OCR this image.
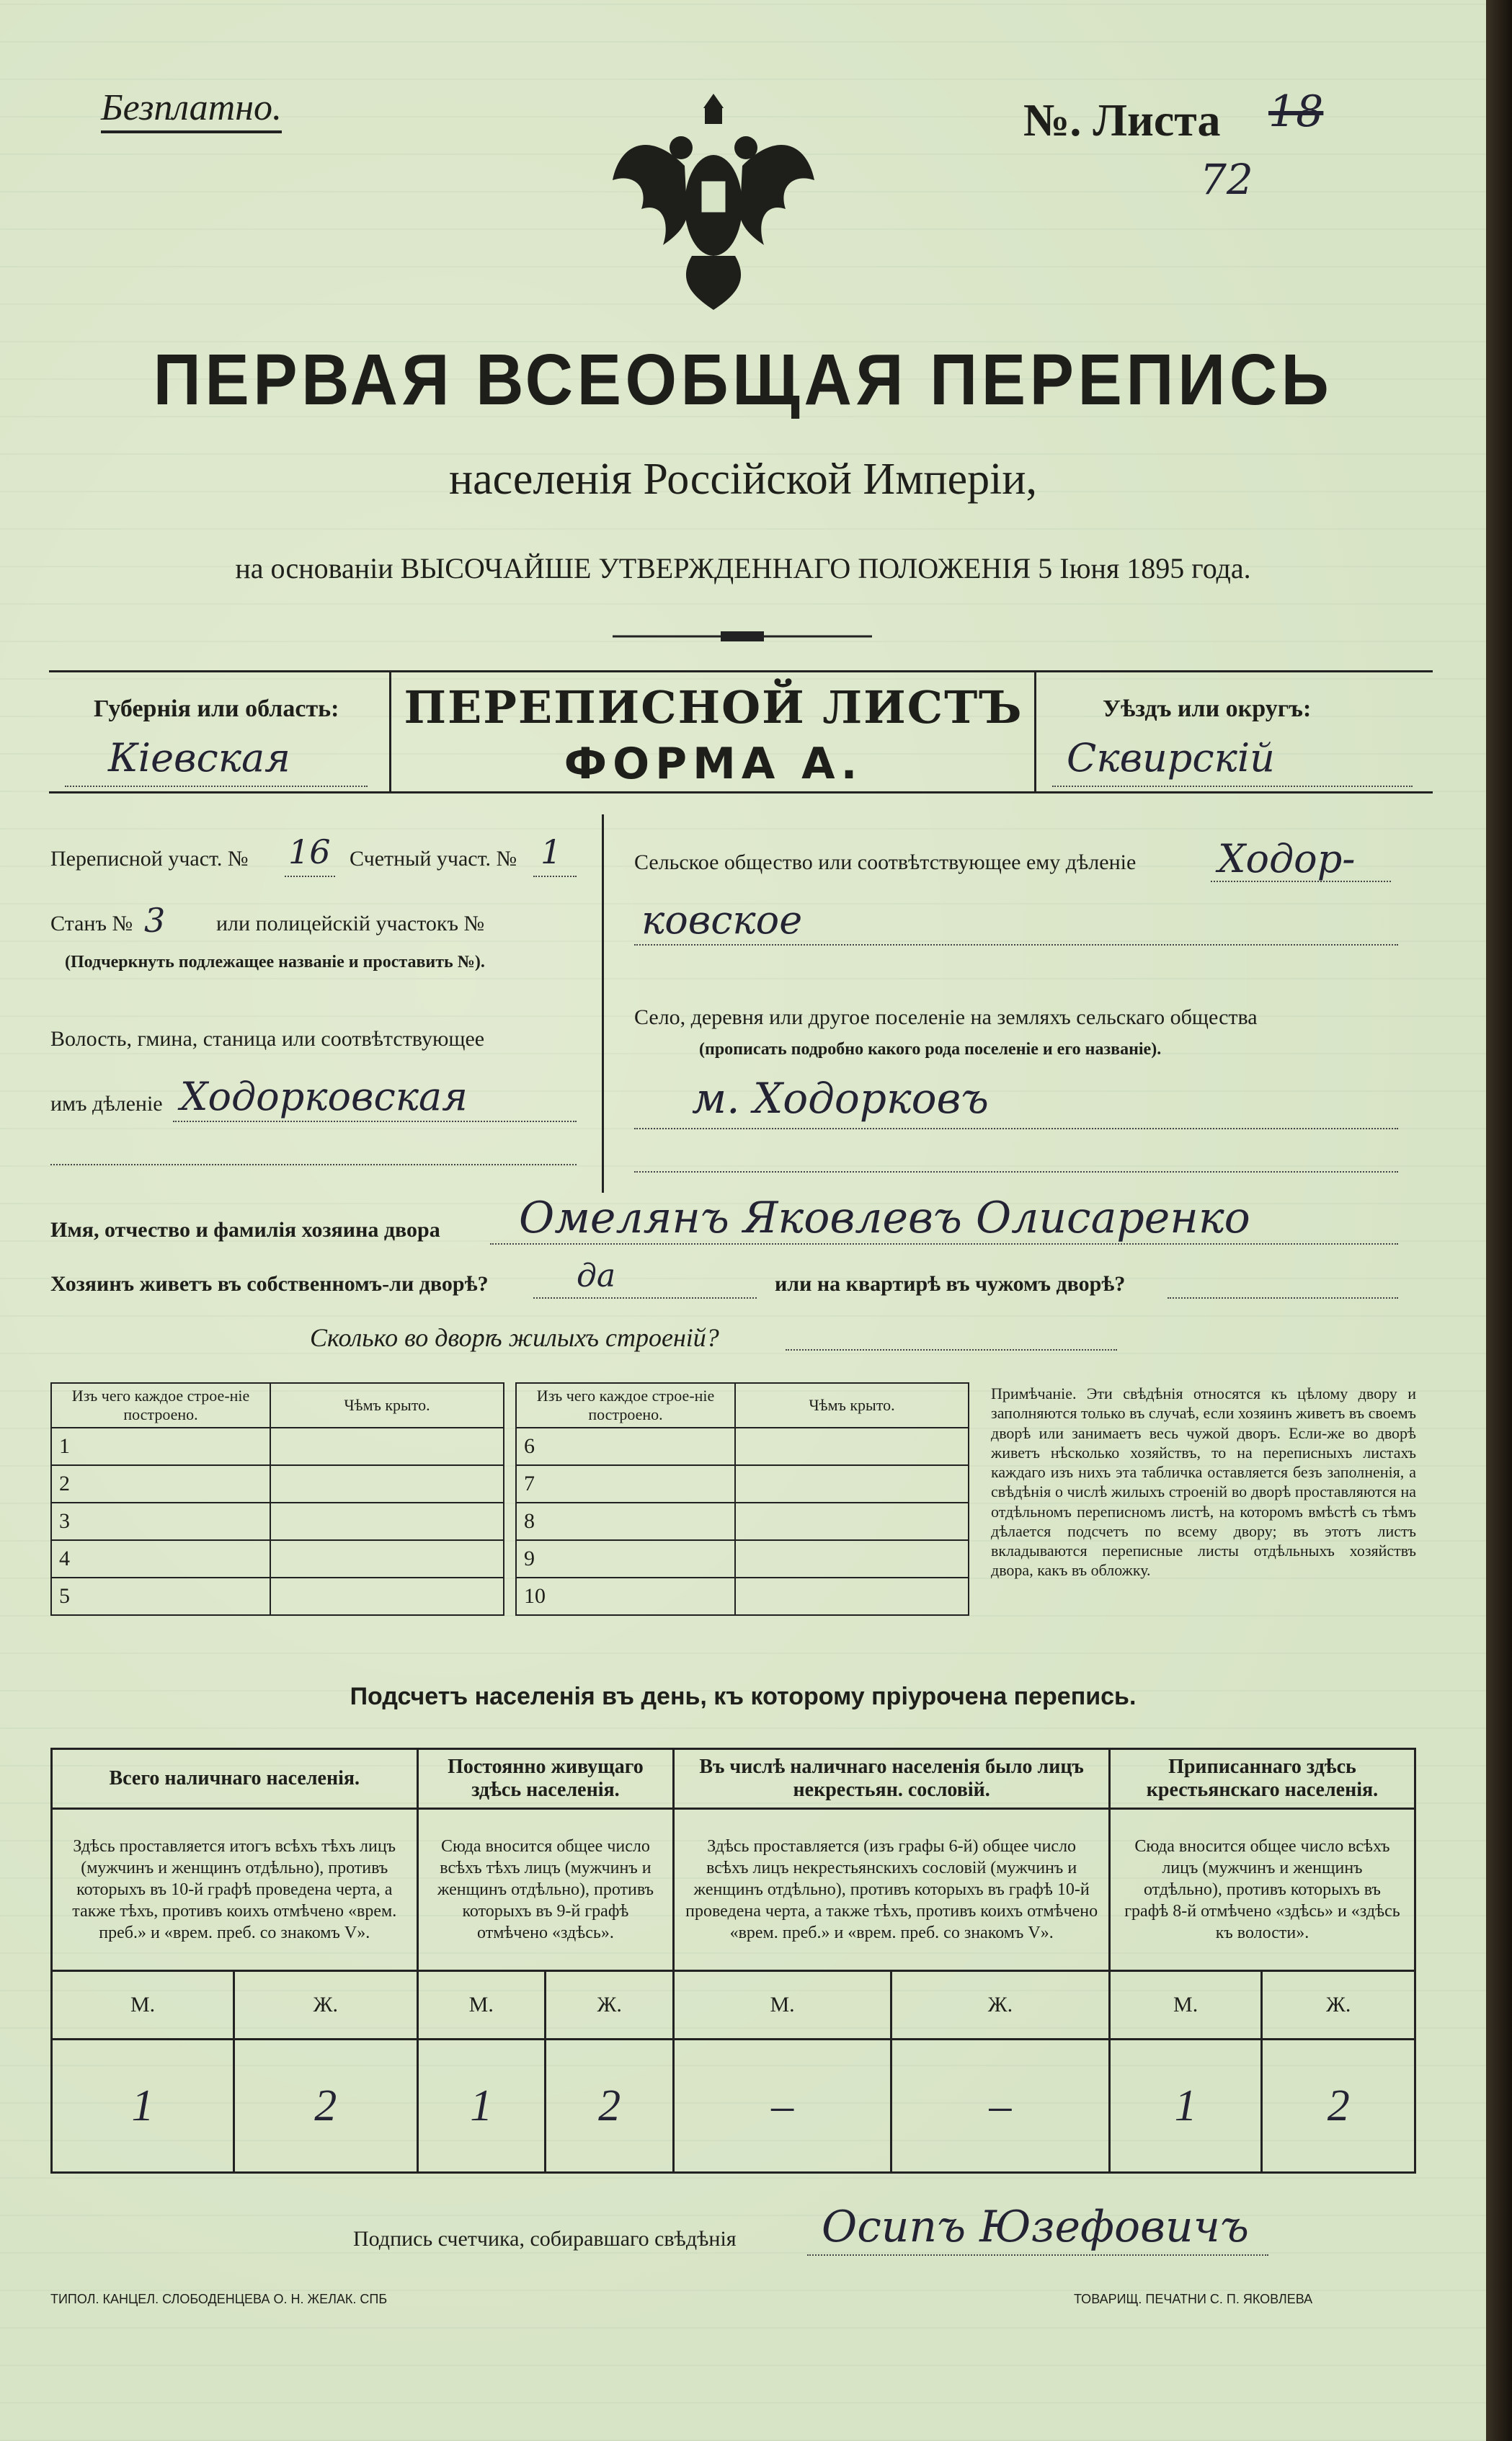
Безплатно.	№. Листа 18
72
ПЕРВАЯ ВСЕОБЩАЯ ПЕРЕПИСЬ
населенія Россійской Имперіи,
на основаніи ВЫСОЧАЙШЕ УТВЕРЖДЕННАГО ПОЛОЖЕНІЯ 5 Іюня 1895 года.
Губернія или область:
Кіевская
ПЕРЕПИСНОЙ ЛИСТЪ
ФОРМА А.
Уѣздъ или округъ:
Сквирскій
Переписной участ. № 16 Счетный участ. № 1
Станъ № 3 или полицейскій участокъ №
(Подчеркнуть подлежащее названіе и проставить №).
Волость, гмина, станица или соотвѣтствующее
имъ дѣленіе Ходорковская
Сельское общество или соотвѣтствующее ему дѣленіе Ходор-
ковское
Село, деревня или другое поселеніе на земляхъ сельскаго общества
(прописать подробно какого рода поселеніе и его названіе).
м. Ходорковъ
Имя, отчество и фамилія хозяина двора Омелянъ Яковлевъ Олисаренко
Хозяинъ живетъ въ собственномъ-ли дворѣ?	да	или на квартирѣ въ чужомъ дворѣ?
Сколько во дворѣ жилыхъ строеній?
Изъ чего каждое строе-ніе построено.	Чѣмъ крыто.
1	
2	
3	
4	
5	
Изъ чего каждое строе-ніе построено.	Чѣмъ крыто.
6	
7	
8	
9	
10	
Примѣчаніе. Эти свѣдѣнія относятся къ цѣлому двору и заполняются только въ случаѣ, если хозяинъ живетъ въ своемъ дворѣ или занимаетъ весь чужой дворъ. Если-же во дворѣ живетъ нѣсколько хозяйствъ, то на переписныхъ листахъ каждаго изъ нихъ эта табличка оставляется безъ заполненія, а свѣдѣнія о числѣ жилыхъ строеній во дворѣ проставляются на отдѣльномъ переписномъ листѣ, на которомъ вмѣстѣ съ тѣмъ дѣлается подсчетъ по всему двору; въ этотъ листъ вкладываются переписные листы отдѣльныхъ хозяйствъ двора, какъ въ обложку.
Подсчетъ населенія въ день, къ которому пріурочена перепись.
Всего наличнаго населенія.		Постоянно живущаго здѣсь населенія.		Въ числѣ наличнаго населенія было лицъ некрестьян. сословій.		Приписаннаго здѣсь крестьянскаго населенія.	
Здѣсь проставляется итогъ всѣхъ тѣхъ лицъ (мужчинъ и женщинъ отдѣльно), противъ которыхъ въ 10-й графѣ проведена черта, а также тѣхъ, противъ коихъ отмѣчено «врем. преб.» и «врем. преб. со знакомъ V».		Сюда вносится общее число всѣхъ тѣхъ лицъ (мужчинъ и женщинъ отдѣльно), противъ которыхъ въ 9-й графѣ отмѣчено «здѣсь».		Здѣсь проставляется (изъ графы 6-й) общее число всѣхъ лицъ некрестьянскихъ сословій (мужчинъ и женщинъ отдѣльно), противъ которыхъ въ графѣ 10-й проведена черта, а также тѣхъ, противъ коихъ отмѣчено «врем. преб.» и «врем. преб. со знакомъ V».		Сюда вносится общее число всѣхъ лицъ (мужчинъ и женщинъ отдѣльно), противъ которыхъ въ графѣ 8-й отмѣчено «здѣсь» и «здѣсь къ волости».	
М.	Ж.	М.	Ж.	М.	Ж.	М.	Ж.
1	2	1	2	–	–	1	2
Подпись счетчика, собиравшаго свѣдѣнія Осипъ Юзефовичъ
ТИПОЛ. КАНЦЕЛ. СЛОБОДЕНЦЕВА О. Н. ЖЕЛАК. СПБ	ТОВАРИЩ. ПЕЧАТНИ С. П. ЯКОВЛЕВА
